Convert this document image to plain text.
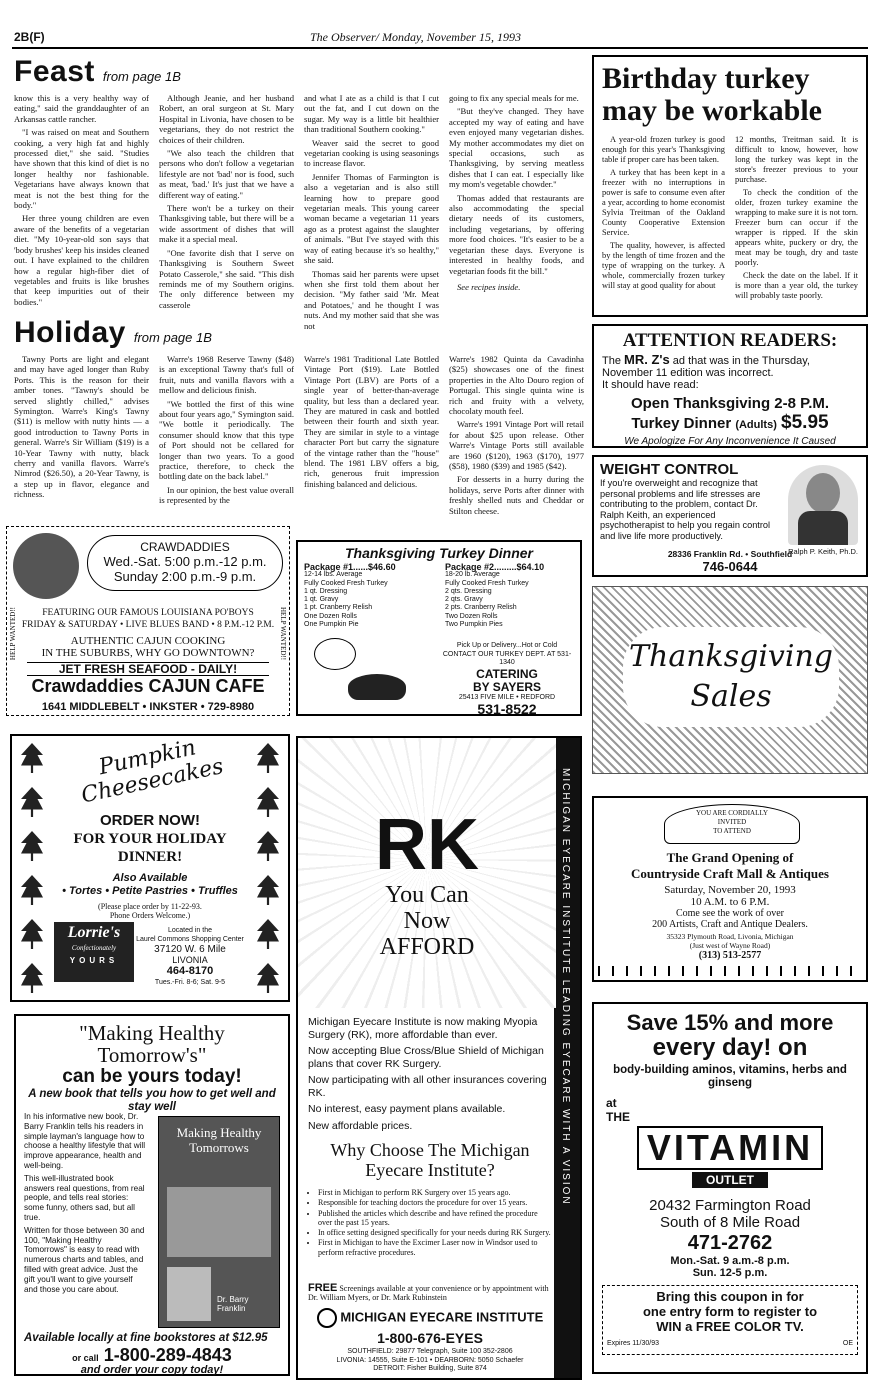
2B(F)	The Observer/ Monday, November 15, 1993
Feast from page 1B

know this is a very healthy way of eating," said the granddaughter of an Arkansas cattle rancher.

"I was raised on meat and Southern cooking, a very high fat and highly processed diet," she said. "Studies have shown that this kind of diet is no longer healthy nor fashionable. Vegetarians have always known that meat is not the best thing for the body."

Her three young children are even aware of the benefits of a vegetarian diet. "My 10-year-old son says that 'body brushes' keep his insides cleaned out. I have explained to the children how a regular high-fiber diet of vegetables and fruits is like brushes that keep impurities out of their bodies."

Although Jeanie, and her husband Robert, an oral surgeon at St. Mary Hospital in Livonia, have chosen to be vegetarians, they do not restrict the choices of their children.

"We also teach the children that persons who don't follow a vegetarian lifestyle are not 'bad' nor is food, such as meat, 'bad.' It's just that we have a different way of eating."

There won't be a turkey on their Thanksgiving table, but there will be a wide assortment of dishes that will make it a special meal.

"One favorite dish that I serve on Thanksgiving is Southern Sweet Potato Casserole," she said. "This dish reminds me of my Southern origins. The only difference between my casserole

and what I ate as a child is that I cut out the fat, and I cut down on the sugar. My way is a little bit healthier than traditional Southern cooking."

Weaver said the secret to good vegetarian cooking is using seasonings to increase flavor.

Jennifer Thomas of Farmington is also a vegetarian and is also still learning how to prepare good vegetarian meals. This young career woman became a vegetarian 11 years ago as a protest against the slaughter of animals. "But I've stayed with this way of eating because it's so healthy," she said.

Thomas said her parents were upset when she first told them about her decision. "My father said 'Mr. Meat and Potatoes,' and he thought I was nuts. And my mother said that she was not

going to fix any special meals for me.

"But they've changed. They have accepted my way of eating and have even enjoyed many vegetarian dishes. My mother accommodates my diet on special occasions, such as Thanksgiving, by serving meatless dishes that I can eat. I especially like my mom's vegetable chowder."

Thomas added that restaurants are also accommodating the special dietary needs of its customers, including vegetarians, by offering more food choices. "It's easier to be a vegetarian these days. Everyone is interested in healthy foods, and vegetarian foods fit the bill."

See recipes inside.

Birthday turkey may be workable

A year-old frozen turkey is good enough for this year's Thanksgiving table if proper care has been taken.

A turkey that has been kept in a freezer with no interruptions in power is safe to consume even after a year, according to home economist Sylvia Treitman of the Oakland County Cooperative Extension Service.

The quality, however, is affected by the length of time frozen and the type of wrapping on the turkey. A whole, commercially frozen turkey will stay at good quality for about

12 months, Treitman said. It is difficult to know, however, how long the turkey was kept in the store's freezer previous to your purchase.

To check the condition of the older, frozen turkey examine the wrapping to make sure it is not torn. Freezer burn can occur if the wrapper is ripped. If the skin appears white, puckery or dry, the meat may be tough, dry and taste poorly.

Check the date on the label. If it is more than a year old, the turkey will probably taste poorly.

Holiday from page 1B

Tawny Ports are light and elegant and may have aged longer than Ruby Ports. This is the reason for their amber tones. "Tawny's should be served slightly chilled," advises Symington. Warre's King's Tawny ($11) is mellow with nutty hints — a good introduction to Tawny Ports in general. Warre's Sir William ($19) is a 10-Year Tawny with nutty, black cherry and vanilla flavors. Warre's Nimrod ($26.50), a 20-Year Tawny, is a step up in flavor, elegance and richness.

Warre's 1968 Reserve Tawny ($48) is an exceptional Tawny that's full of fruit, nuts and vanilla flavors with a mellow and delicious finish.

"We bottled the first of this wine about four years ago," Symington said. "We bottle it periodically. The consumer should know that this type of Port should not be cellared for longer than two years. To a good practice, therefore, to check the bottling date on the back label."

In our opinion, the best value overall is represented by the

Warre's 1981 Traditional Late Bottled Vintage Port ($19). Late Bottled Vintage Port (LBV) are Ports of a single year of better-than-average quality, but less than a declared year. They are matured in cask and bottled between their fourth and sixth year. They are similar in style to a vintage character Port but carry the signature of the vintage rather than the "house" blend. The 1981 LBV offers a big, rich, generous fruit impression finishing balanced and delicious.

Warre's 1982 Quinta da Cavadinha ($25) showcases one of the finest properties in the Alto Douro region of Portugal. This single quinta wine is rich and fruity with a velvety, chocolaty mouth feel.

Warre's 1991 Vintage Port will retail for about $25 upon release. Other Warre's Vintage Ports still available are 1960 ($120), 1963 ($170), 1977 ($58), 1980 ($39) and 1985 ($42).

For desserts in a hurry during the holidays, serve Ports after dinner with freshly shelled nuts and Cheddar or Stilton cheese.

ATTENTION READERS:
The MR. Z's ad that was in the Thursday, November 11 edition was incorrect.
It should have read:
Open Thanksgiving 2-8 P.M.
Turkey Dinner (Adults) $5.95
We Apologize For Any Inconvenience It Caused
WEIGHT CONTROL
If you're overweight and recognize that personal problems and life stresses are contributing to the problem, contact Dr. Ralph Keith, an experienced psychotherapist to help you regain control and live life more productively.
Ralph P. Keith, Ph.D.
28336 Franklin Rd. • Southfield
746-0644
CRAWDADDIES
Wed.-Sat. 5:00 p.m.-12 p.m.
Sunday 2:00 p.m.-9 p.m.
HELP WANTED!!	HELP WANTED!!
FEATURING OUR FAMOUS LOUISIANA PO'BOYS
FRIDAY & SATURDAY • LIVE BLUES BAND • 8 P.M.-12 P.M.
AUTHENTIC CAJUN COOKING
IN THE SUBURBS, WHY GO DOWNTOWN?
JET FRESH SEAFOOD - DAILY!
Crawdaddies CAJUN CAFE
1641 MIDDLEBELT • INKSTER • 729-8980
Thanksgiving Turkey Dinner
Package #1......$46.60
12-14 lbs. Average
Fully Cooked Fresh Turkey
1 qt. Dressing
1 qt. Gravy
1 pt. Cranberry Relish
One Dozen Rolls
One Pumpkin Pie
Package #2.........$64.10
18-20 lb. Average
Fully Cooked Fresh Turkey
2 qts. Dressing
2 qts. Gravy
2 pts. Cranberry Relish
Two Dozen Rolls
Two Pumpkin Pies
Pick Up or Delivery...Hot or Cold
CONTACT OUR TURKEY DEPT. AT 531-1340
CATERING
BY SAYERS
25413 FIVE MILE • REDFORD
531-8522
Thanksgiving Sales
Pumpkin Cheesecakes
ORDER NOW!
FOR YOUR HOLIDAY
DINNER!
Also Available
• Tortes • Petite Pastries • Truffles
(Please place order by 11-22-93.
Phone Orders Welcome.)
Lorrie's
Confectionately
YOURS
Located in the
Laurel Commons Shopping Center
37120 W. 6 Mile
LIVONIA
464-8170
Tues.-Fri. 8-6; Sat. 9-5	MICHIGAN EYECARE INSTITUTE LEADING EYECARE WITH A VISION
RK
You Can
Now
AFFORD
Michigan Eyecare Institute is now making Myopia Surgery (RK), more affordable than ever.
Now accepting Blue Cross/Blue Shield of Michigan plans that cover RK Surgery.
Now participating with all other insurances covering RK.
No interest, easy payment plans available.
New affordable prices.
Why Choose The Michigan Eyecare Institute?
• First in Michigan to perform RK Surgery over 15 years ago.
• Responsible for teaching doctors the procedure for over 15 years.
• Published the articles which describe and have refined the procedure over the past 15 years.
• In office setting designed specifically for your needs during RK Surgery.
• First in Michigan to have the Excimer Laser now in Windsor used to perform refractive procedures.
FREE Screenings available at your convenience or by appointment with Dr. William Myers, or Dr. Mark Rubinstein
MICHIGAN EYECARE INSTITUTE
1-800-676-EYES
SOUTHFIELD: 29877 Telegraph, Suite 100 352-2806
LIVONIA: 14555, Suite E-101 • DEARBORN: 5050 Schaefer
DETROIT: Fisher Building, Suite 874
YOU ARE CORDIALLY
INVITED
TO ATTEND
The Grand Opening of
Countryside Craft Mall & Antiques
Saturday, November 20, 1993
10 A.M. to 6 P.M.
Come see the work of over
200 Artists, Craft and Antique Dealers.
35323 Plymouth Road, Livonia, Michigan
(Just west of Wayne Road)
(313) 513-2577
"Making Healthy
Tomorrow's"
can be yours today!
A new book that tells you how to get well and stay well
In his informative new book, Dr. Barry Franklin tells his readers in simple layman's language how to choose a healthy lifestyle that will improve appearance, health and well-being.
This well-illustrated book answers real questions, from real people, and tells real stories: some funny, others sad, but all true.
Written for those between 30 and 100, "Making Healthy Tomorrows" is easy to read with numerous charts and tables, and filled with great advice. Just the gift you'll want to give yourself and those you care about.
Making Healthy Tomorrows
Dr. Barry Franklin
Available locally at fine bookstores at $12.95
or call 1-800-289-4843
and order your copy today!
Save 15% and more
every day! on
body-building aminos, vitamins, herbs and ginseng
at
THE
VITAMIN OUTLET
20432 Farmington Road
South of 8 Mile Road
471-2762
Mon.-Sat. 9 a.m.-8 p.m.
Sun. 12-5 p.m.
Bring this coupon in for
one entry form to register to
WIN a FREE COLOR TV.
Expires 11/30/93	OE
